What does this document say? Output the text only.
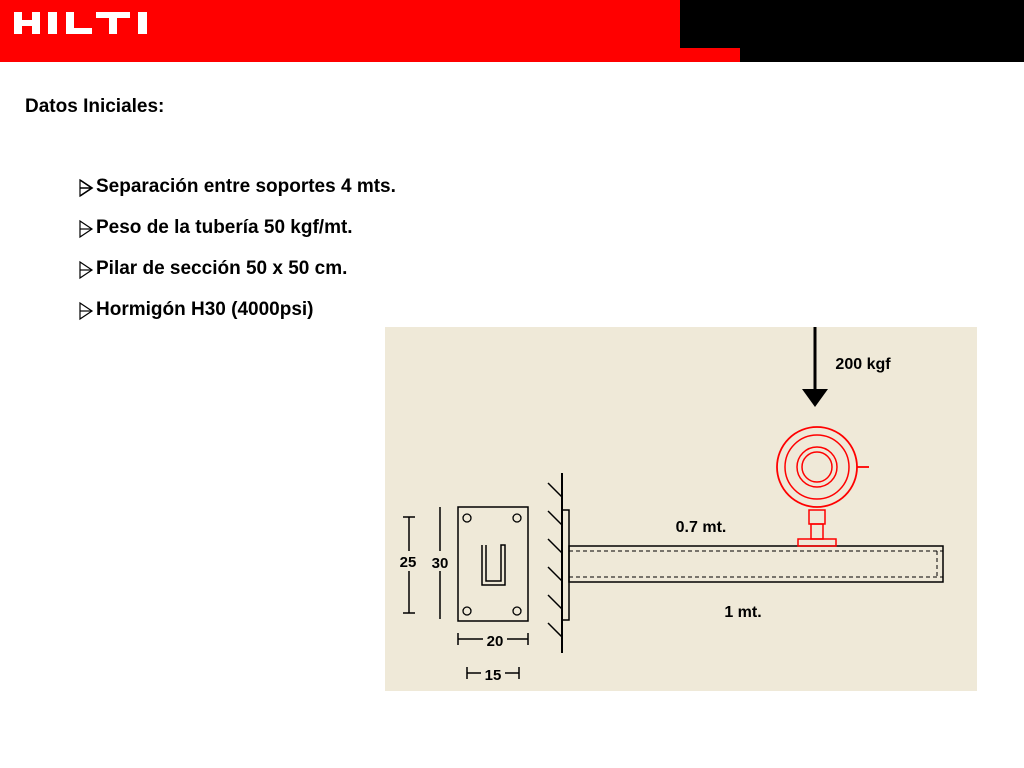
Datos Iniciales:
Separación entre soportes 4 mts.
Peso de la tubería 50 kgf/mt.
Pilar de sección 50 x 50 cm.
Hormigón H30 (4000psi)
25 30
20
15
0.7 mt.
1 mt.
200 kgf
